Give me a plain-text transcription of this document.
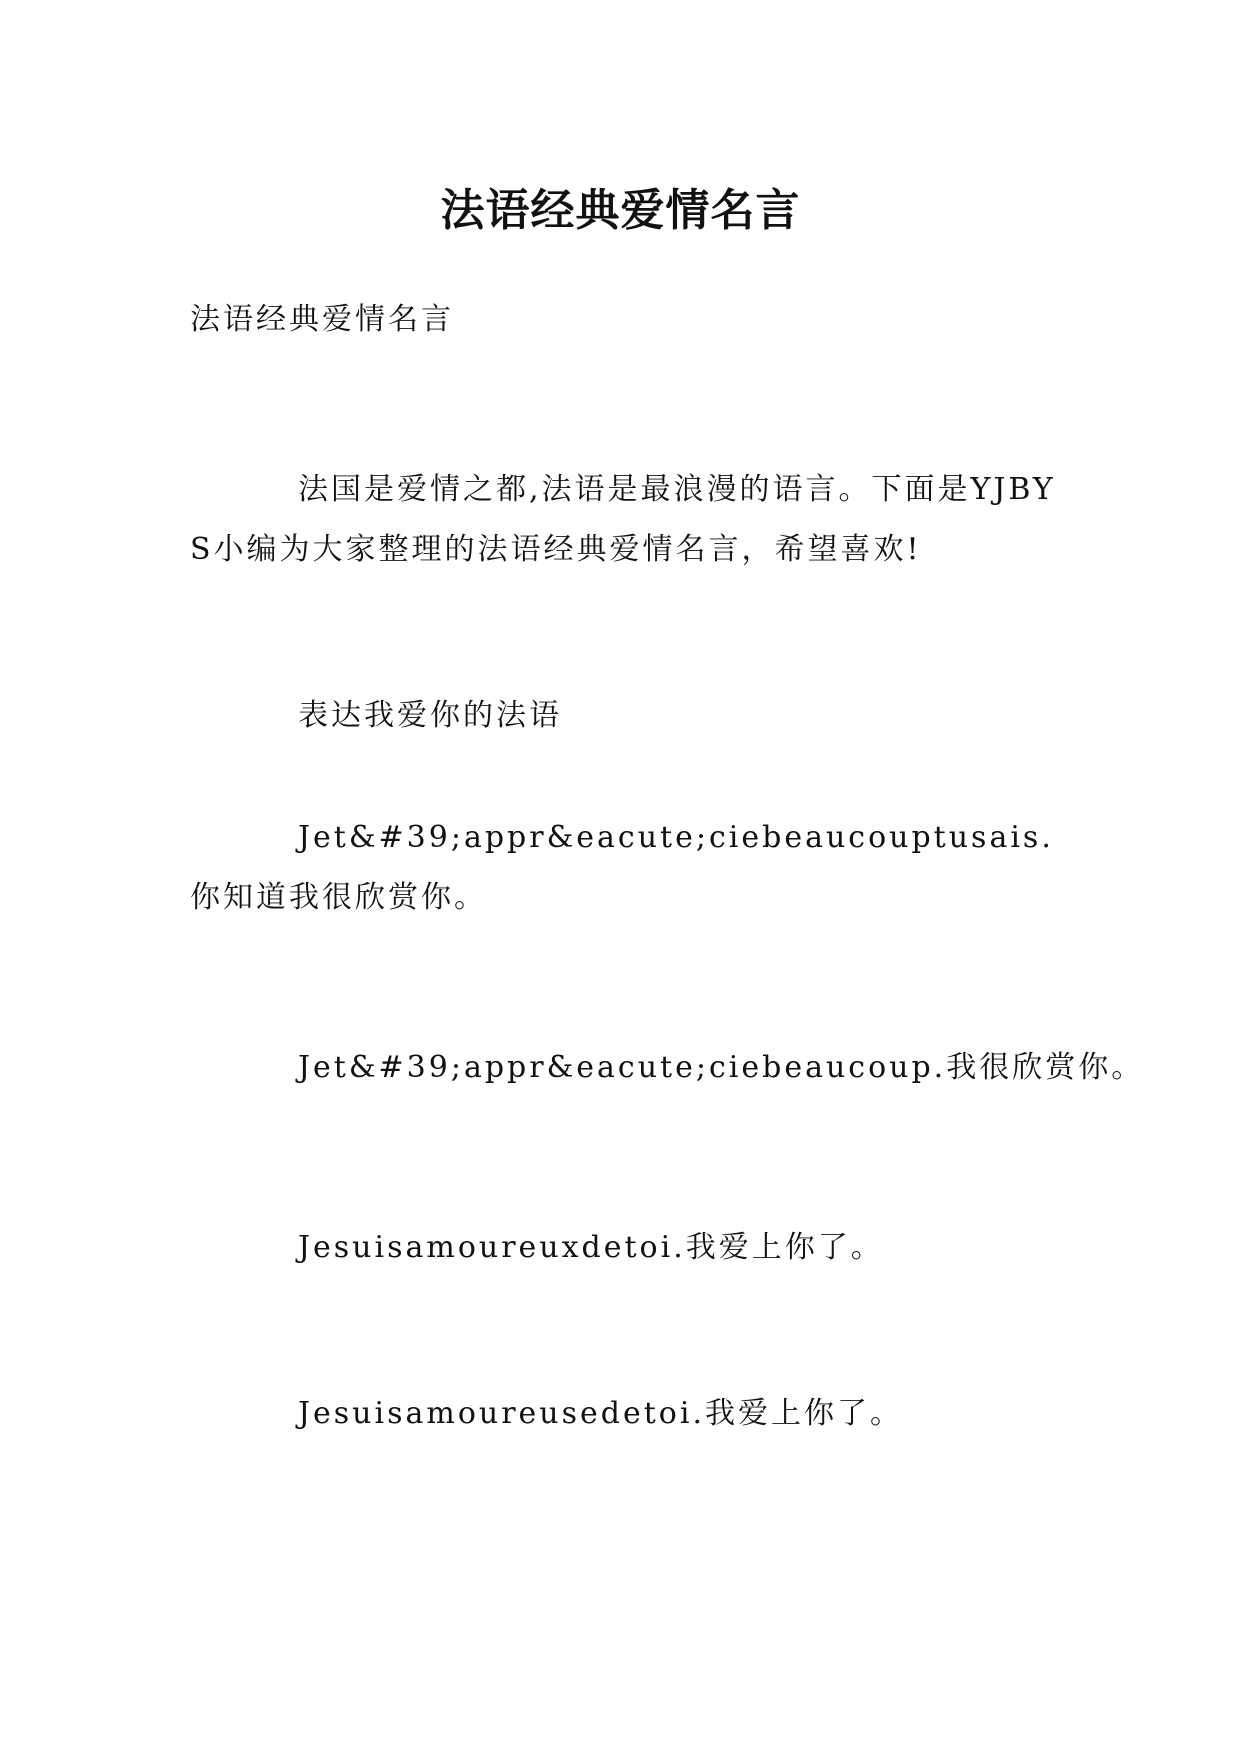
法语经典爱情名言

法语经典爱情名言

法国是爱情之都,法语是最浪漫的语言。下面是YJBYS小编为大家整理的法语经典爱情名言，希望喜欢!

表达我爱你的法语

Jet&#39;appr&eacute;ciebeaucouptusais.你知道我很欣赏你。

Jet&#39;appr&eacute;ciebeaucoup.我很欣赏你。

Jesuisamoureuxdetoi.我爱上你了。

Jesuisamoureusedetoi.我爱上你了。
